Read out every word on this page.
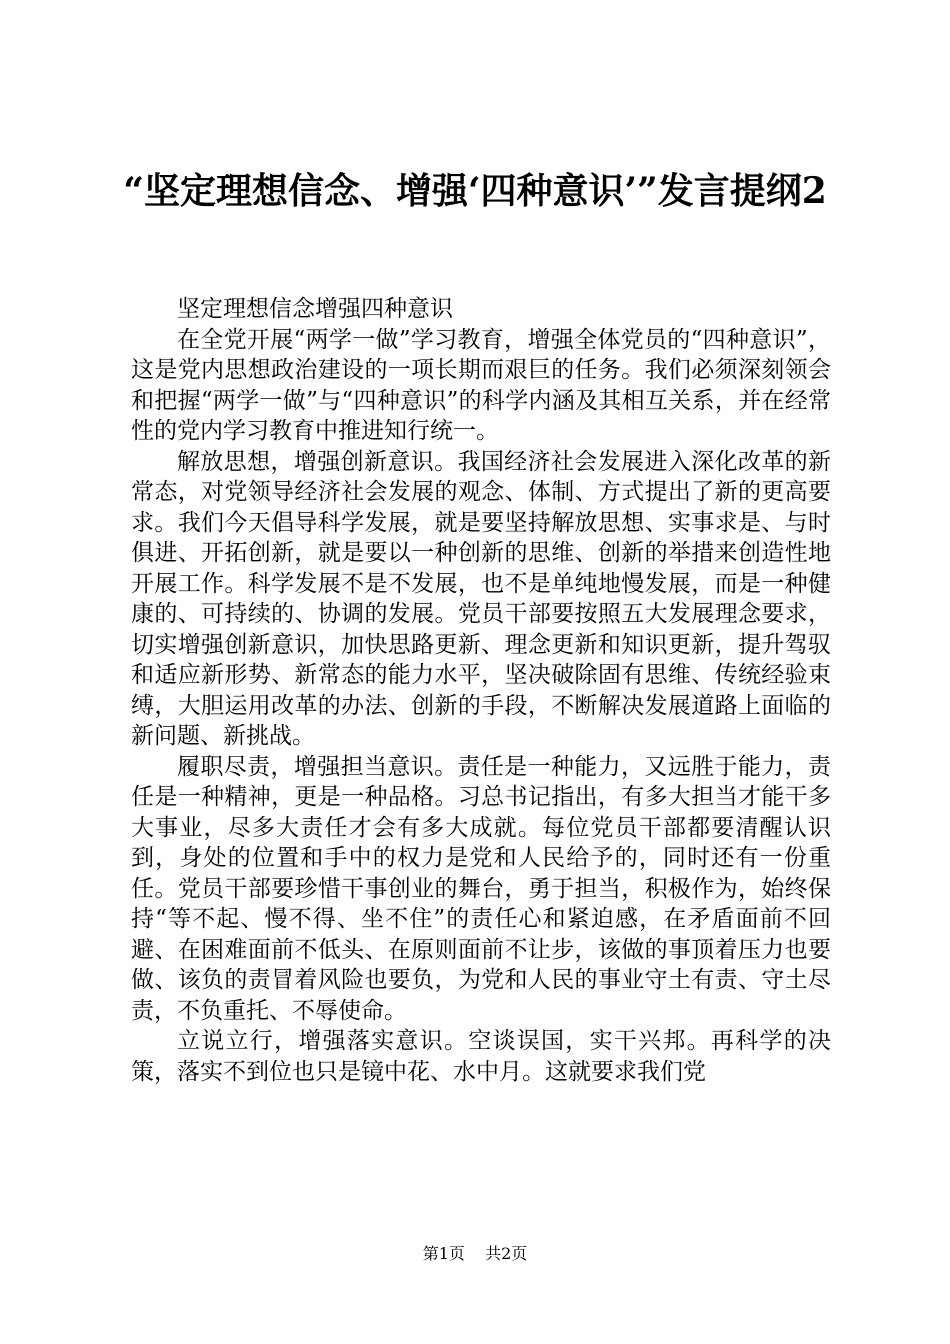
“坚定理想信念、增强‘四种意识’”发言提纲2

坚定理想信念增强四种意识

在全党开展“两学一做”学习教育，增强全体党员的“四种意识”，这是党内思想政治建设的一项长期而艰巨的任务。我们必须深刻领会和把握“两学一做”与“四种意识”的科学内涵及其相互关系，并在经常性的党内学习教育中推进知行统一。

解放思想，增强创新意识。我国经济社会发展进入深化改革的新常态，对党领导经济社会发展的观念、体制、方式提出了新的更高要求。我们今天倡导科学发展，就是要坚持解放思想、实事求是、与时俱进、开拓创新，就是要以一种创新的思维、创新的举措来创造性地开展工作。科学发展不是不发展，也不是单纯地慢发展，而是一种健康的、可持续的、协调的发展。党员干部要按照五大发展理念要求，切实增强创新意识，加快思路更新、理念更新和知识更新，提升驾驭和适应新形势、新常态的能力水平，坚决破除固有思维、传统经验束缚，大胆运用改革的办法、创新的手段，不断解决发展道路上面临的新问题、新挑战。

履职尽责，增强担当意识。责任是一种能力，又远胜于能力，责任是一种精神，更是一种品格。习总书记指出，有多大担当才能干多大事业，尽多大责任才会有多大成就。每位党员干部都要清醒认识到，身处的位置和手中的权力是党和人民给予的，同时还有一份重任。党员干部要珍惜干事创业的舞台，勇于担当，积极作为，始终保持“等不起、慢不得、坐不住”的责任心和紧迫感，在矛盾面前不回避、在困难面前不低头、在原则面前不让步，该做的事顶着压力也要做、该负的责冒着风险也要负，为党和人民的事业守土有责、守土尽责，不负重托、不辱使命。

立说立行，增强落实意识。空谈误国，实干兴邦。再科学的决策，落实不到位也只是镜中花、水中月。这就要求我们党

第1页 共2页
